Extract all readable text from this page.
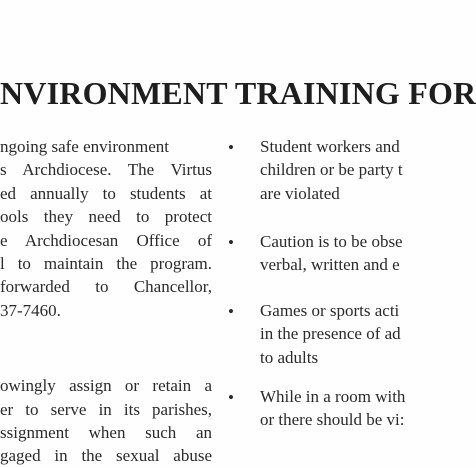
NVIRONMENT TRAINING FOR
ngoing safe environment
s Archdiocese. The Virtus
ed annually to students at
ools they need to protect
e Archdiocesan Office of
l to maintain the program.
forwarded to Chancellor,
37-7460.
owingly assign or retain a
er to serve in its parishes,
ssignment when such an
gaged in the sexual abuse
• Student workers and
children or be party t
are violated
• Caution is to be obse
verbal, written and e
• Games or sports acti
in the presence of ad
to adults
• While in a room with
or there should be vi:
